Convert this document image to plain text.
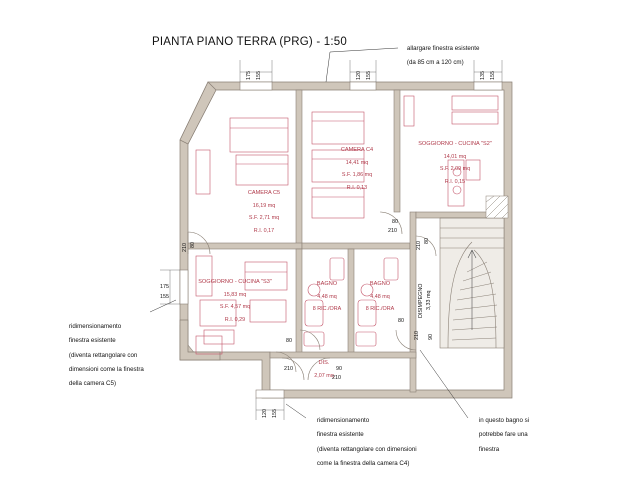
PIANTA PIANO TERRA (PRG) - 1:50

allargare finestra esistente

(da 85 cm a 120 cm)

ridimensionamento

finestra esistente

(diventa rettangolare con

dimensioni come la finestra

della camera C5)

ridimensionamento

finestra esistente

(diventa rettangolare con dimensioni

come la finestra della camera C4)

in questo bagno si

potrebbe fare una

finestra

CAMERA C5

16,19 mq

S.F. 2,71 mq

R.I. 0,17

CAMERA C4

14,41 mq

S.F. 1,86 mq

R.I. 0,13

SOGGIORNO - CUCINA "S2"

14,01 mq

S.F. 2,09 mq

R.I. 0,15

SOGGIORNO - CUCINA "S3"

15,83 mq

S.F. 4,57 mq

R.I. 0,29

BAGNO

4,48 mq

8 RIC./ORA

BAGNO

4,48 mq

8 RIC./ORA

DIS.

2,07 mq

175 155	120 155	135 155
175
155
120 155
80
210
80
210
80
210
80
210
90
210
80
210
90
DISIMPEGNO 3,33 mq
